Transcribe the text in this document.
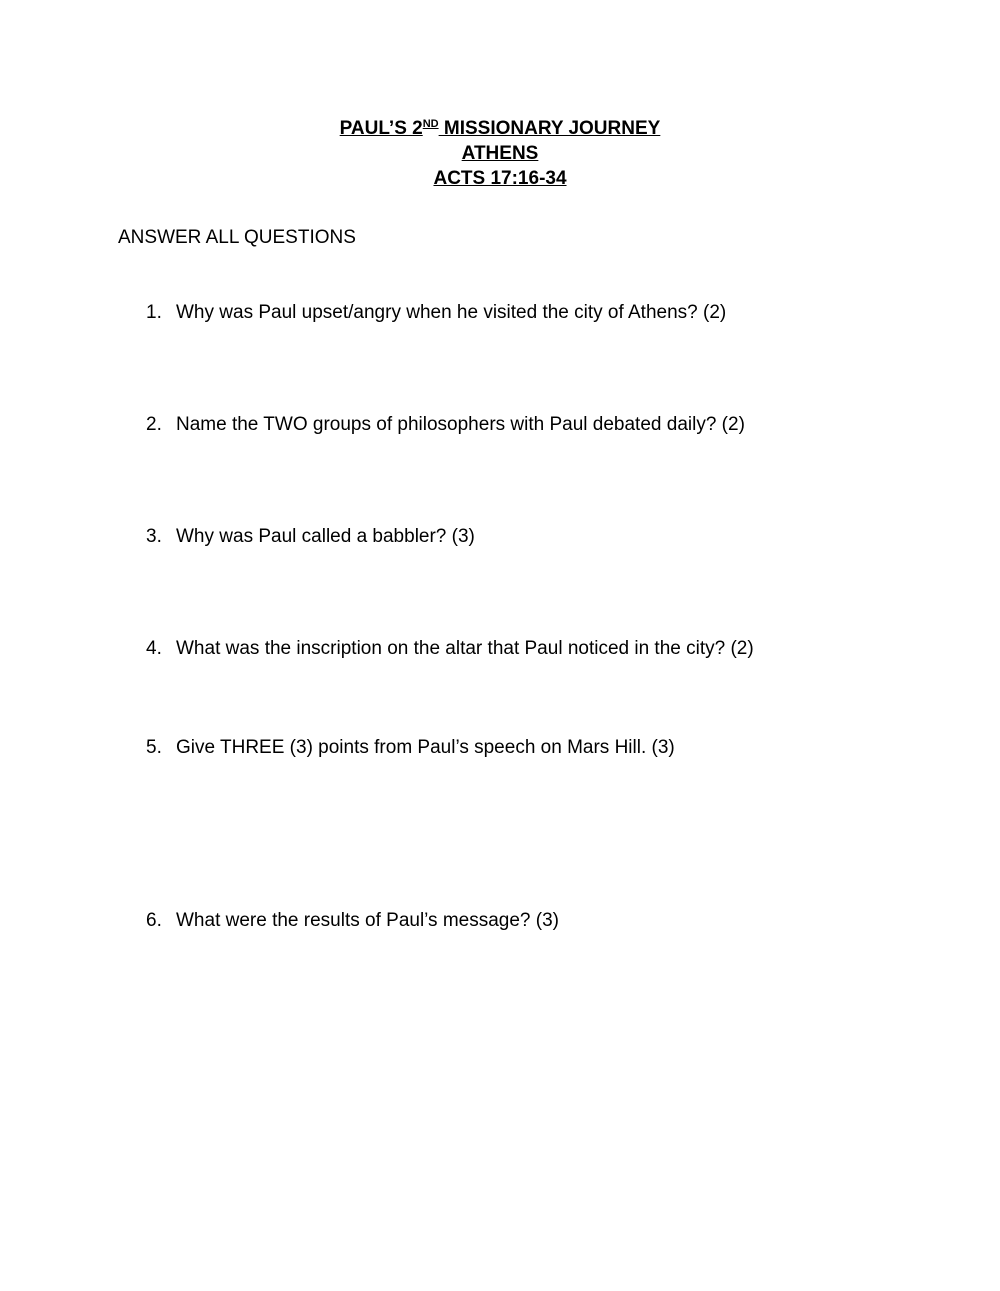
PAUL’S 2ND MISSIONARY JOURNEY
ATHENS
ACTS 17:16-34
ANSWER ALL QUESTIONS
1. Why was Paul upset/angry when he visited the city of Athens? (2)
2. Name the TWO groups of philosophers with Paul debated daily? (2)
3. Why was Paul called a babbler? (3)
4. What was the inscription on the altar that Paul noticed in the city? (2)
5. Give THREE (3) points from Paul’s speech on Mars Hill. (3)
6. What were the results of Paul’s message? (3)
